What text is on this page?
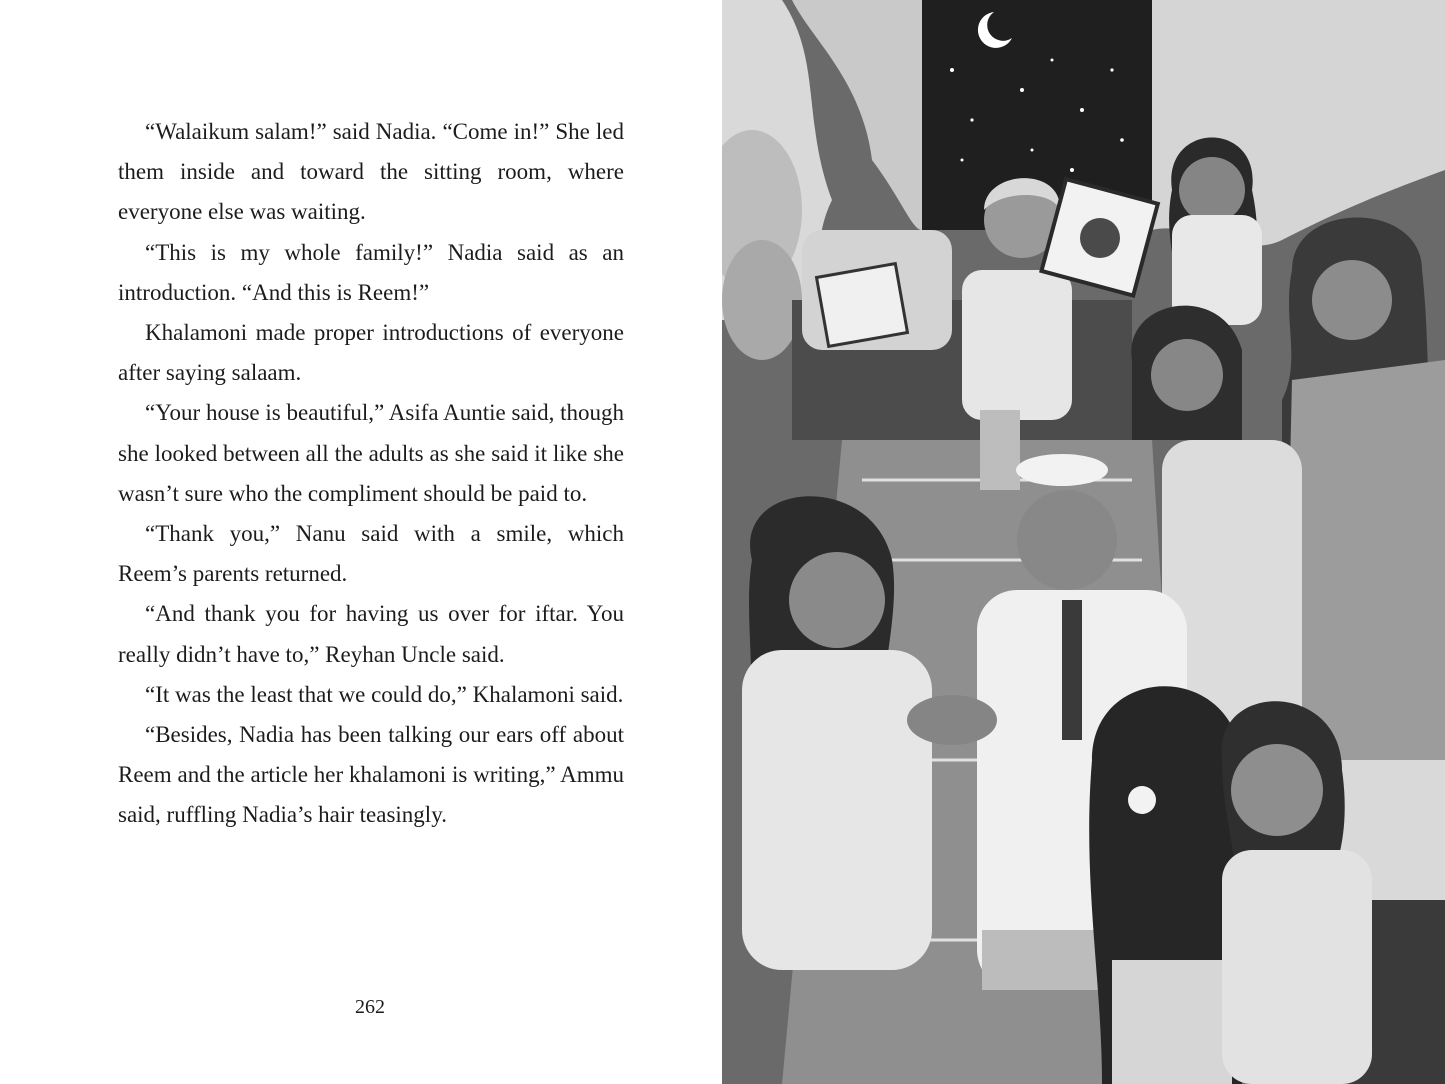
“Walaikum salam!” said Nadia. “Come in!” She led them inside and toward the sitting room, where everyone else was waiting.

“This is my whole family!” Nadia said as an introduction. “And this is Reem!”

Khalamoni made proper introductions of everyone after saying salaam.

“Your house is beautiful,” Asifa Auntie said, though she looked between all the adults as she said it like she wasn’t sure who the compliment should be paid to.

“Thank you,” Nanu said with a smile, which Reem’s parents returned.

“And thank you for having us over for iftar. You really didn’t have to,” Reyhan Uncle said.

“It was the least that we could do,” Khalamoni said.

“Besides, Nadia has been talking our ears off about Reem and the article her khalamoni is writing,” Ammu said, ruffling Nadia’s hair teasingly.

262
